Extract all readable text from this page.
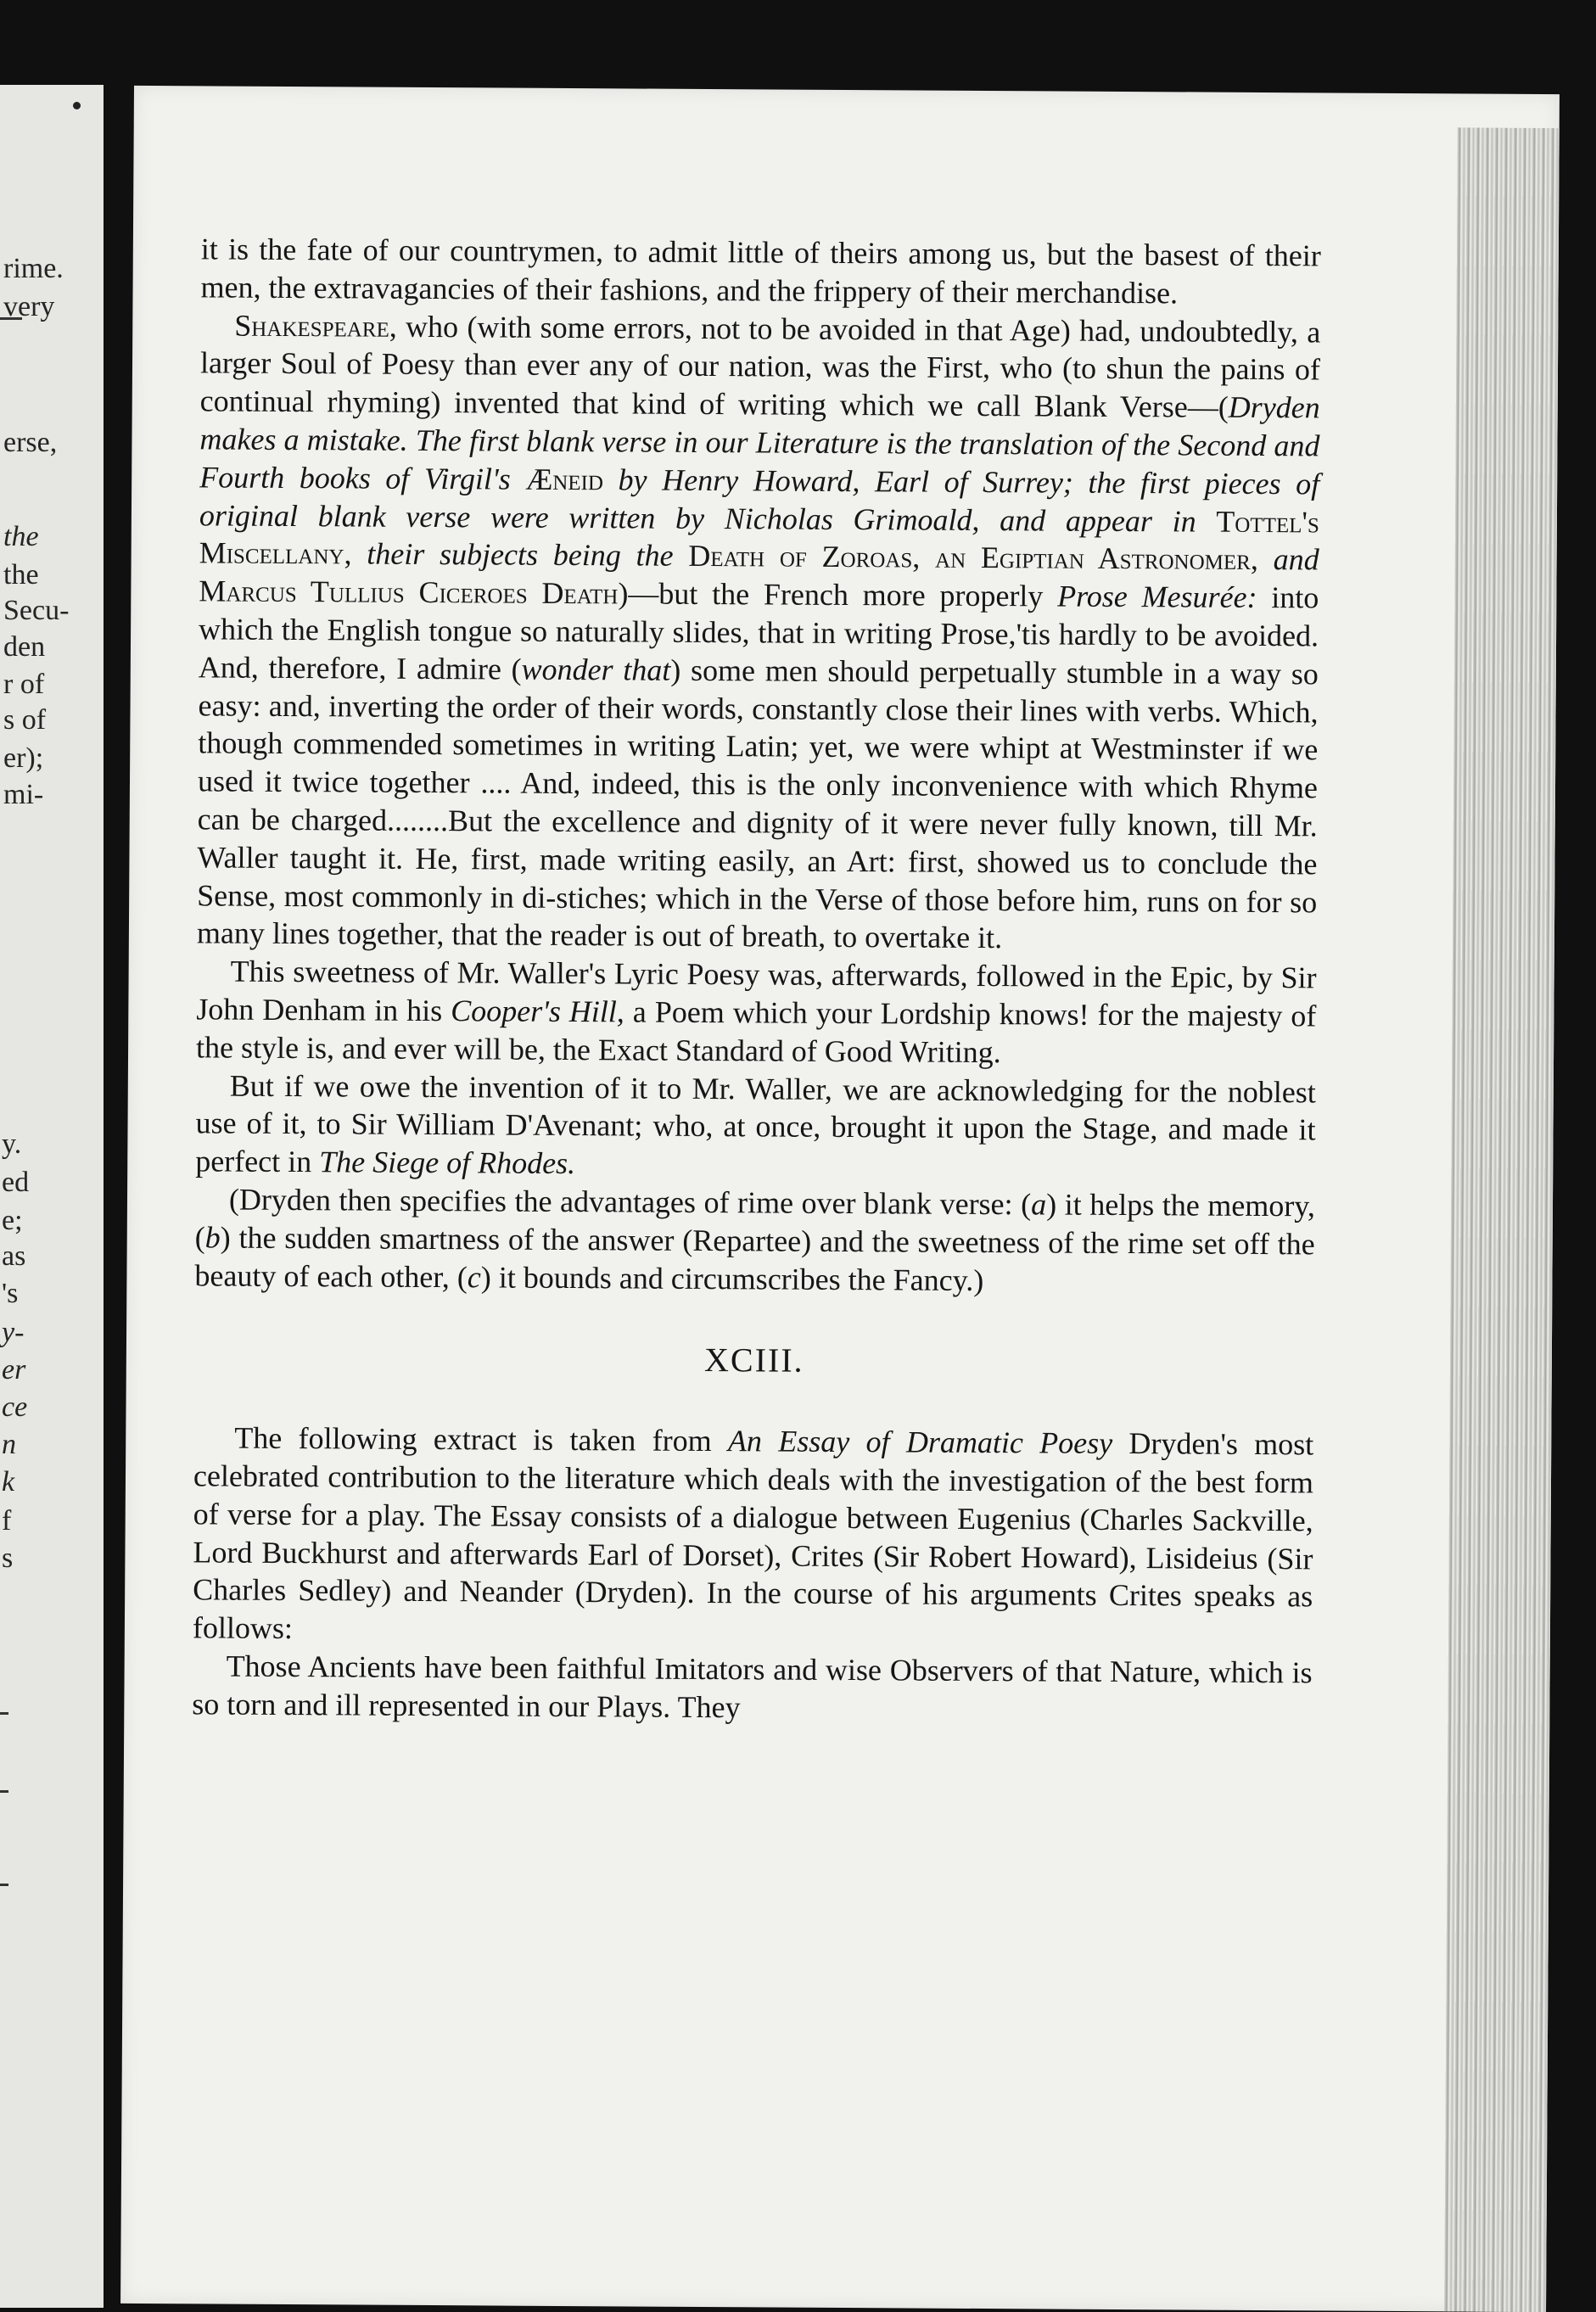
rime.
very
erse,
the
the
Secu-
den
r of
s of
er);
mi-
y.
ed
e;
as
's
y-
er
ce
n
k
f
s

it is the fate of our countrymen, to admit little of theirs among us, but the basest of their men, the extravagancies of their fashions, and the frippery of their merchandise.

Shakespeare, who (with some errors, not to be avoided in that Age) had, undoubtedly, a larger Soul of Poesy than ever any of our nation, was the First, who (to shun the pains of continual rhyming) invented that kind of writing which we call Blank Verse—(Dryden makes a mistake. The first blank verse in our Literature is the translation of the Second and Fourth books of Virgil's Æneid by Henry Howard, Earl of Surrey; the first pieces of original blank verse were written by Nicholas Grimoald, and appear in Tottel's Miscellany, their subjects being the Death of Zoroas, an Egiptian Astronomer, and Marcus Tullius Ciceroes Death)—but the French more properly Prose Mesurée: into which the English tongue so naturally slides, that in writing Prose,'tis hardly to be avoided. And, therefore, I admire (wonder that) some men should perpetually stumble in a way so easy: and, inverting the order of their words, constantly close their lines with verbs. Which, though commended sometimes in writing Latin; yet, we were whipt at Westminster if we used it twice together .... And, indeed, this is the only inconvenience with which Rhyme can be charged........But the excellence and dignity of it were never fully known, till Mr. Waller taught it. He, first, made writing easily, an Art: first, showed us to conclude the Sense, most commonly in di-stiches; which in the Verse of those before him, runs on for so many lines together, that the reader is out of breath, to overtake it.

This sweetness of Mr. Waller's Lyric Poesy was, afterwards, followed in the Epic, by Sir John Denham in his Cooper's Hill, a Poem which your Lordship knows! for the majesty of the style is, and ever will be, the Exact Standard of Good Writing.

But if we owe the invention of it to Mr. Waller, we are acknowledging for the noblest use of it, to Sir William D'Avenant; who, at once, brought it upon the Stage, and made it perfect in The Siege of Rhodes.

(Dryden then specifies the advantages of rime over blank verse: (a) it helps the memory, (b) the sudden smartness of the answer (Repartee) and the sweetness of the rime set off the beauty of each other, (c) it bounds and circumscribes the Fancy.)

XCIII.

The following extract is taken from An Essay of Dramatic Poesy Dryden's most celebrated contribution to the literature which deals with the investigation of the best form of verse for a play. The Essay consists of a dialogue between Eugenius (Charles Sackville, Lord Buckhurst and afterwards Earl of Dorset), Crites (Sir Robert Howard), Lisideius (Sir Charles Sedley) and Neander (Dryden). In the course of his arguments Crites speaks as follows:

Those Ancients have been faithful Imitators and wise Observers of that Nature, which is so torn and ill represented in our Plays. They
